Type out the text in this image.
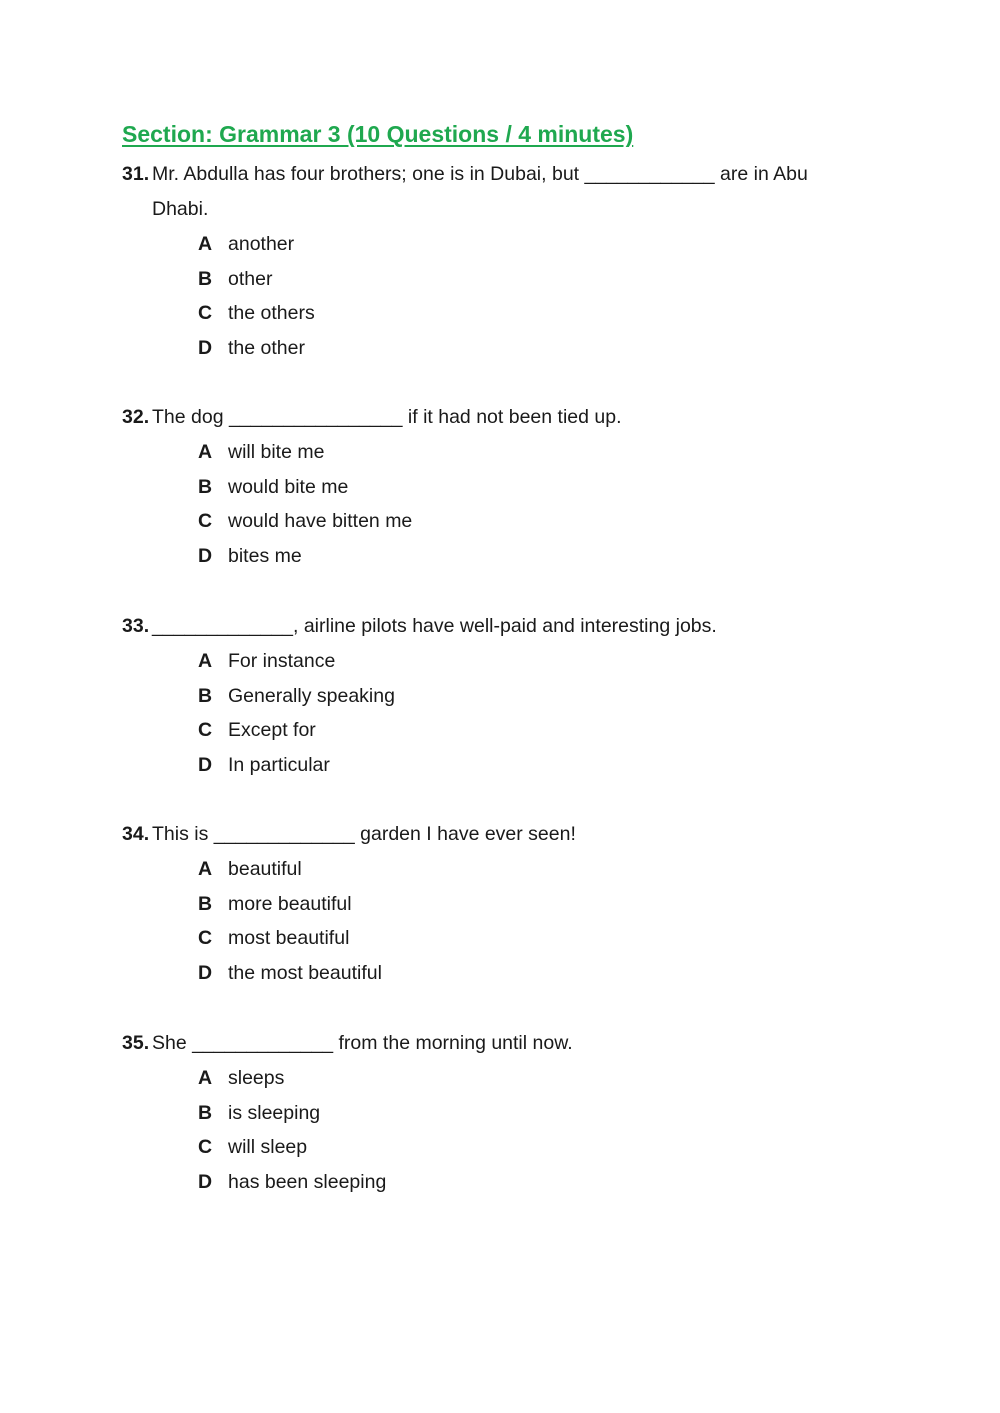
Section: Grammar 3 (10 Questions / 4 minutes)
31. Mr. Abdulla has four brothers; one is in Dubai, but ____________ are in Abu
Dhabi.
A another
B other
C the others
D the other
32. The dog ________________ if it had not been tied up.
A will bite me
B would bite me
C would have bitten me
D bites me
33. _____________, airline pilots have well-paid and interesting jobs.
A For instance
B Generally speaking
C Except for
D In particular
34. This is _____________ garden I have ever seen!
A beautiful
B more beautiful
C most beautiful
D the most beautiful
35. She _____________ from the morning until now.
A sleeps
B is sleeping
C will sleep
D has been sleeping
